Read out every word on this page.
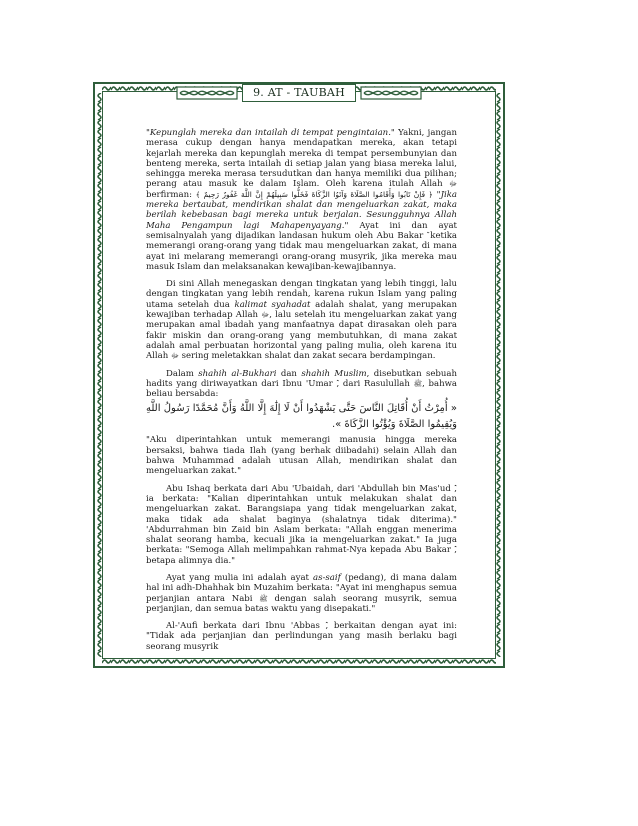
9. AT - TAUBAH

"Kepunglah mereka dan intailah di tempat pengintaian." Yakni, jangan merasa cukup dengan hanya mendapatkan mereka, akan tetapi kejarlah mereka dan kepunglah mereka di tempat persembunyian dan benteng mereka, serta intailah di setiap jalan yang biasa mereka lalui, sehingga mereka merasa tersudutkan dan hanya memiliki dua pilihan; perang atau masuk ke dalam Islam. Oleh karena itulah Allah ﷻ berfirman: ﴿ فَإِنْ تَابُوا وَأَقَامُوا الصَّلَاةَ وَآتَوُا الزَّكَاةَ فَخَلُّوا سَبِيلَهُمْ إِنَّ اللَّهَ غَفُورٌ رَحِيمٌ ﴾ "Jika mereka bertaubat, mendirikan shalat dan mengeluarkan zakat, maka berilah kebebasan bagi mereka untuk berjalan. Sesungguhnya Allah Maha Pengampun lagi Mahapenyayang." Ayat ini dan ayat semisalnyalah yang dijadikan landasan hukum oleh Abu Bakar ketika memerangi orang-orang yang tidak mau mengeluarkan zakat, di mana ayat ini melarang memerangi orang-orang musyrik, jika mereka mau masuk Islam dan melaksanakan kewajiban-kewajibannya.

Di sini Allah menegaskan dengan tingkatan yang lebih tinggi, lalu dengan tingkatan yang lebih rendah, karena rukun Islam yang paling utama setelah dua kalimat syahadat adalah shalat, yang merupakan kewajiban terhadap Allah ﷻ, lalu setelah itu mengeluarkan zakat yang merupakan amal ibadah yang manfaatnya dapat dirasakan oleh para fakir miskin dan orang-orang yang membutuhkan, di mana zakat adalah amal perbuatan horizontal yang paling mulia, oleh karena itu Allah ﷻ sering meletakkan shalat dan zakat secara berdampingan.

Dalam shahih al-Bukhari dan shahih Muslim, disebutkan sebuah hadits yang diriwayatkan dari Ibnu 'Umar , dari Rasulullah ﷺ, bahwa beliau bersabda:

« أُمِرْتُ أَنْ أُقَاتِلَ النَّاسَ حَتَّى يَشْهَدُوا أَنْ لَا إِلَٰهَ إِلَّا اللَّهُ وَأَنَّ مُحَمَّدًا رَسُولُ اللَّهِ وَيُقِيمُوا الصَّلَاةَ وَيُؤْتُوا الزَّكَاةَ ».

"Aku diperintahkan untuk memerangi manusia hingga mereka bersaksi, bahwa tiada Ilah (yang berhak diibadahi) selain Allah dan bahwa Muhammad adalah utusan Allah, mendirikan shalat dan mengeluarkan zakat."

Abu Ishaq berkata dari Abu 'Ubaidah, dari 'Abdullah bin Mas'ud , ia berkata: "Kalian diperintahkan untuk melakukan shalat dan mengeluarkan zakat. Barangsiapa yang tidak mengeluarkan zakat, maka tidak ada shalat baginya (shalatnya tidak diterima)." 'Abdurrahman bin Zaid bin Aslam berkata: "Allah enggan menerima shalat seorang hamba, kecuali jika ia mengeluarkan zakat." Ia juga berkata: "Semoga Allah melimpahkan rahmat-Nya kepada Abu Bakar , betapa alimnya dia."

Ayat yang mulia ini adalah ayat as-saif (pedang), di mana dalam hal ini adh-Dhahhak bin Muzahim berkata: "Ayat ini menghapus semua perjanjian antara Nabi ﷺ dengan salah seorang musyrik, semua perjanjian, dan semua batas waktu yang disepakati."

Al-'Aufi berkata dari Ibnu 'Abbas , berkaitan dengan ayat ini: "Tidak ada perjanjian dan perlindungan yang masih berlaku bagi seorang musyrik
